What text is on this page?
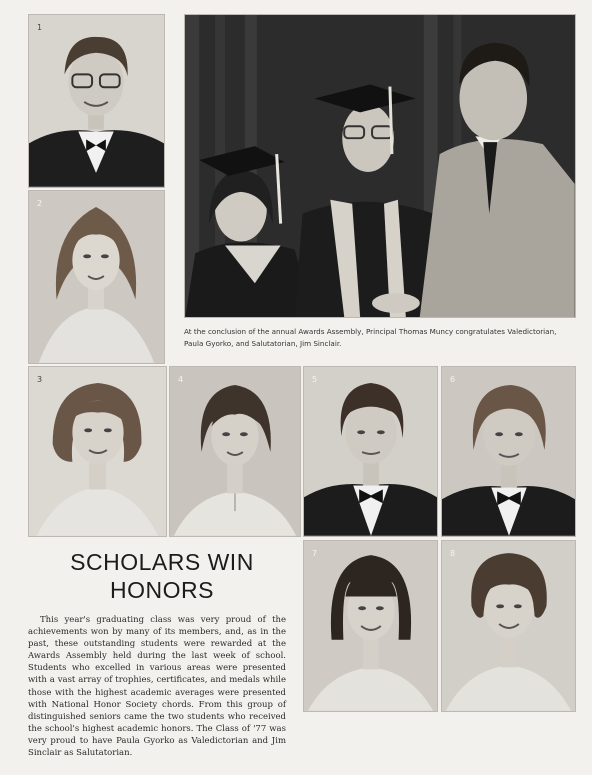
1
2
At the conclusion of the annual Awards Assembly, Principal Thomas Muncy congratulates Valedictorian, Paula Gyorko, and Salutatorian, Jim Sinclair.
3	4	5	6
SCHOLARS WIN
HONORS
This year's graduating class was very proud of the achievements won by many of its members, and, as in the past, these outstanding students were rewarded at the Awards Assembly held during the last week of school. Students who excelled in various areas were presented with a vast array of trophies, certificates, and medals while those with the highest academic averages were presented with National Honor Society chords. From this group of distinguished seniors came the two students who received the school's highest academic honors. The Class of '77 was very proud to have Paula Gyorko as Valedictorian and Jim Sinclair as Salutatorian.
7	8
